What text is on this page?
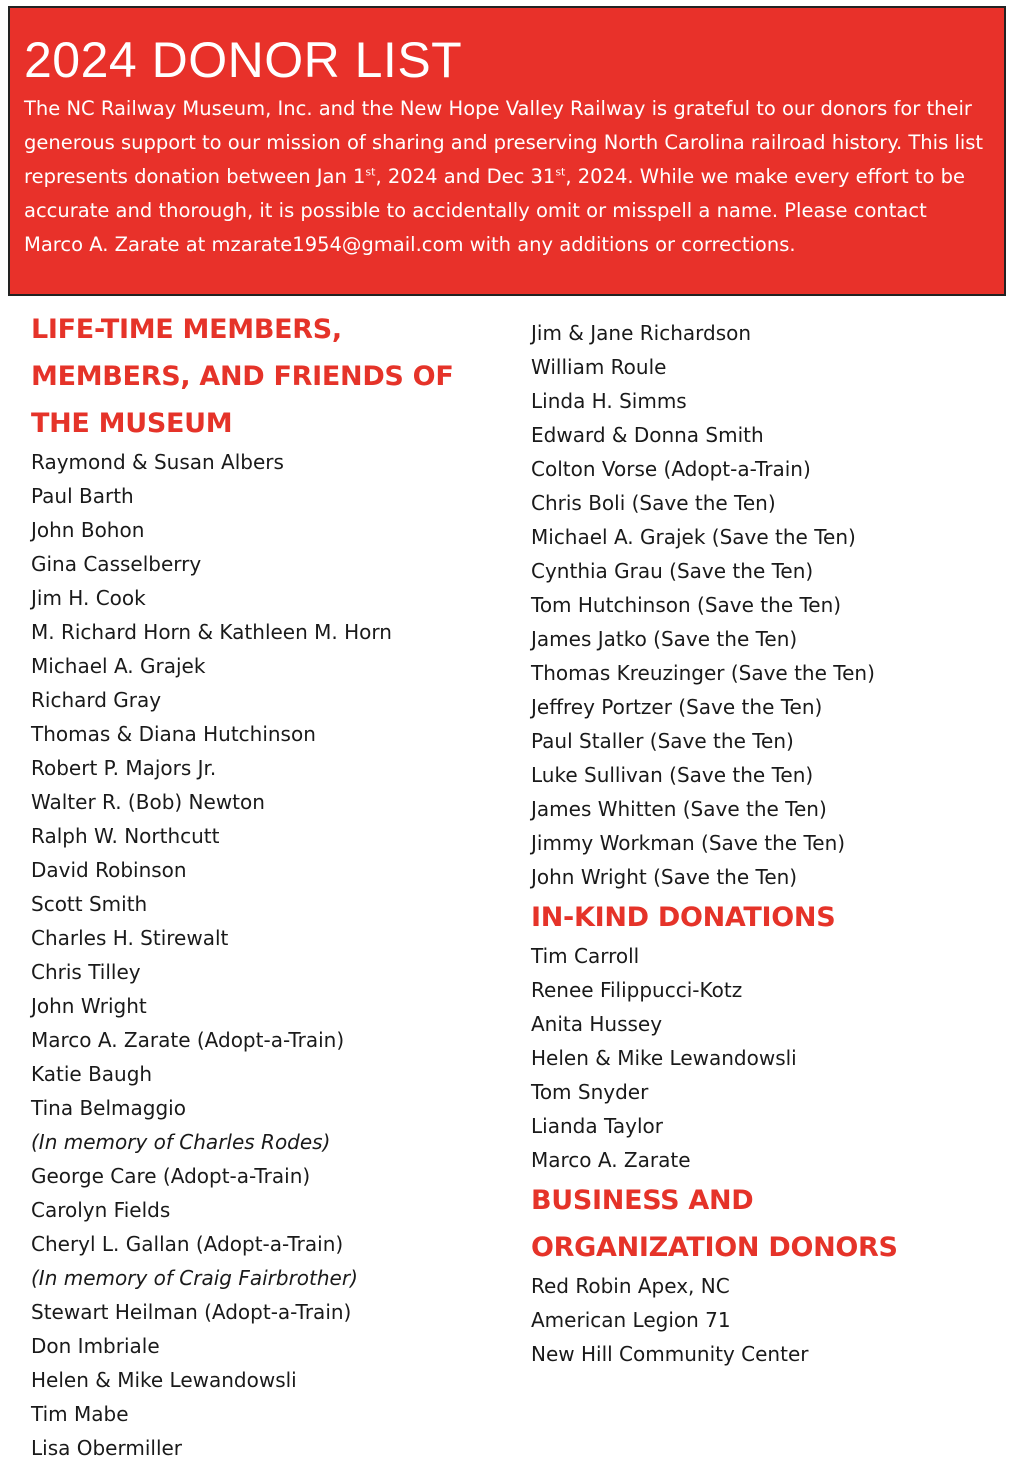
2024 DONOR LIST

The NC Railway Museum, Inc. and the New Hope Valley Railway is grateful to our donors for their generous support to our mission of sharing and preserving North Carolina railroad history. This list represents donation between Jan 1st, 2024 and Dec 31st, 2024. While we make every effort to be accurate and thorough, it is possible to accidentally omit or misspell a name. Please contact Marco A. Zarate at mzarate1954@gmail.com with any additions or corrections.

LIFE-TIME MEMBERS,
MEMBERS, AND FRIENDS OF
THE MUSEUM
Raymond & Susan Albers
Paul Barth
John Bohon
Gina Casselberry
Jim H. Cook
M. Richard Horn & Kathleen M. Horn
Michael A. Grajek
Richard Gray
Thomas & Diana Hutchinson
Robert P. Majors Jr.
Walter R. (Bob) Newton
Ralph W. Northcutt
David Robinson
Scott Smith
Charles H. Stirewalt
Chris Tilley
John Wright
Marco A. Zarate (Adopt-a-Train)
Katie Baugh
Tina Belmaggio
(In memory of Charles Rodes)
George Care (Adopt-a-Train)
Carolyn Fields
Cheryl L. Gallan (Adopt-a-Train)
(In memory of Craig Fairbrother)
Stewart Heilman (Adopt-a-Train)
Don Imbriale
Helen & Mike Lewandowsli
Tim Mabe
Lisa Obermiller
Jim & Jane Richardson
William Roule
Linda H. Simms
Edward & Donna Smith
Colton Vorse (Adopt-a-Train)
Chris Boli (Save the Ten)
Michael A. Grajek (Save the Ten)
Cynthia Grau (Save the Ten)
Tom Hutchinson (Save the Ten)
James Jatko (Save the Ten)
Thomas Kreuzinger (Save the Ten)
Jeffrey Portzer (Save the Ten)
Paul Staller (Save the Ten)
Luke Sullivan (Save the Ten)
James Whitten (Save the Ten)
Jimmy Workman (Save the Ten)
John Wright (Save the Ten)
IN-KIND DONATIONS
Tim Carroll
Renee Filippucci-Kotz
Anita Hussey
Helen & Mike Lewandowsli
Tom Snyder
Lianda Taylor
Marco A. Zarate
BUSINESS AND
ORGANIZATION DONORS
Red Robin Apex, NC
American Legion 71
New Hill Community Center
